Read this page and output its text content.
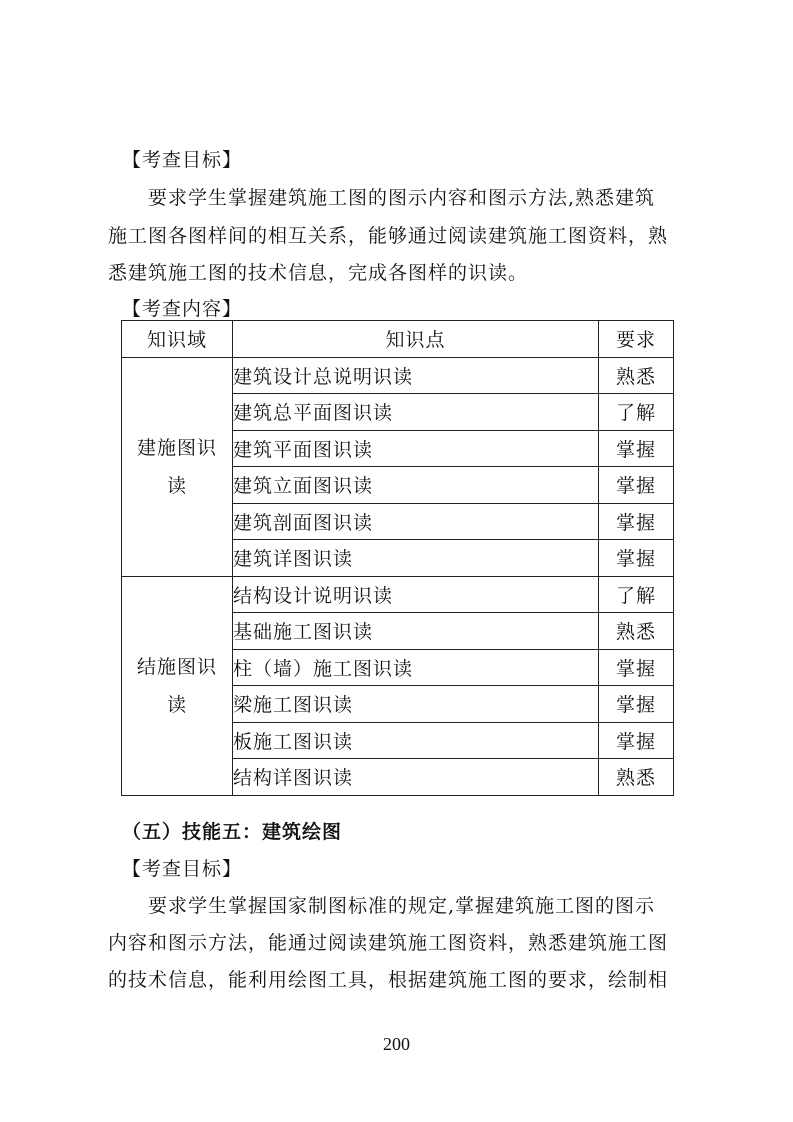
【考查目标】
要求学生掌握建筑施工图的图示内容和图示方法,熟悉建筑
施工图各图样间的相互关系，能够通过阅读建筑施工图资料，熟
悉建筑施工图的技术信息，完成各图样的识读。
【考查内容】
知识域	知识点	要求
建施图识
读	建筑设计总说明识读	熟悉
	建筑总平面图识读	了解
	建筑平面图识读	掌握
	建筑立面图识读	掌握
	建筑剖面图识读	掌握
	建筑详图识读	掌握
结施图识
读	结构设计说明识读	了解
	基础施工图识读	熟悉
	柱（墙）施工图识读	掌握
	梁施工图识读	掌握
	板施工图识读	掌握
	结构详图识读	熟悉
（五）技能五：建筑绘图
【考查目标】
要求学生掌握国家制图标准的规定,掌握建筑施工图的图示
内容和图示方法，能通过阅读建筑施工图资料，熟悉建筑施工图
的技术信息，能利用绘图工具，根据建筑施工图的要求，绘制相
200
